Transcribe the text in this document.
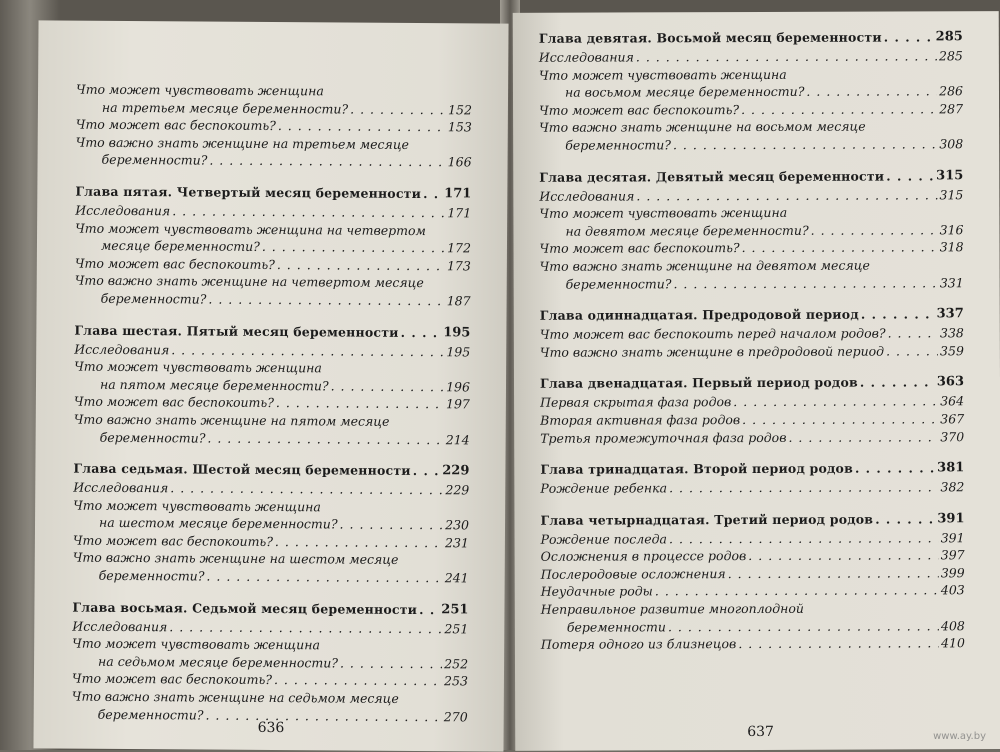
Что может чувствовать женщина
на третьем месяце беременности? . . .	152
Что может вас беспокоить? . . .	153
Что важно знать женщине на третьем месяце
беременности? . . .	166
Глава пятая. Четвертый месяц беременности . . . 171
Исследования . . .	171
Что может чувствовать женщина на четвертом
месяце беременности? . . .	172
Что может вас беспокоить? . . .	173
Что важно знать женщине на четвертом месяце
беременности? . . .	187
Глава шестая. Пятый месяц беременности . . .	195
Исследования . . .	195
Что может чувствовать женщина
на пятом месяце беременности? . . .	196
Что может вас беспокоить? . . .	197
Что важно знать женщине на пятом месяце
беременности? . . .	214
Глава седьмая. Шестой месяц беременности . . . 229
Исследования . . .	229
Что может чувствовать женщина
на шестом месяце беременности? . . .	230
Что может вас беспокоить? . . .	231
Что важно знать женщине на шестом месяце
беременности? . . .	241
Глава восьмая. Седьмой месяц беременности . . . 251
Исследования . . .	251
Что может чувствовать женщина
на седьмом месяце беременности? . . .	252
Что может вас беспокоить? . . .	253
Что важно знать женщине на седьмом месяце
беременности? . . .	270
636
Глава девятая. Восьмой месяц беременности . . .	285
Исследования . . .	285
Что может чувствовать женщина
на восьмом месяце беременности? . . .	286
Что может вас беспокоить? . . .	287
Что важно знать женщине на восьмом месяце
беременности? . . .	308
Глава десятая. Девятый месяц беременности . . .	315
Исследования . . .	315
Что может чувствовать женщина
на девятом месяце беременности? . . .	316
Что может вас беспокоить? . . .	318
Что важно знать женщине на девятом месяце
беременности? . . .	331
Глава одиннадцатая. Предродовой период . . .	337
Что может вас беспокоить перед началом родов? . . .	338
Что важно знать женщине в предродовой период . . .	359
Глава двенадцатая. Первый период родов . . .	363
Первая скрытая фаза родов . . .	364
Вторая активная фаза родов . . .	367
Третья промежуточная фаза родов . . .	370
Глава тринадцатая. Второй период родов . . .	381
Рождение ребенка . . .	382
Глава четырнадцатая. Третий период родов . . .	391
Рождение последа . . .	391
Осложнения в процессе родов . . .	397
Послеродовые осложнения . . .	399
Неудачные роды . . .	403
Неправильное развитие многоплодной
беременности . . .	408
Потеря одного из близнецов . . .	410
637	www.ay.by
